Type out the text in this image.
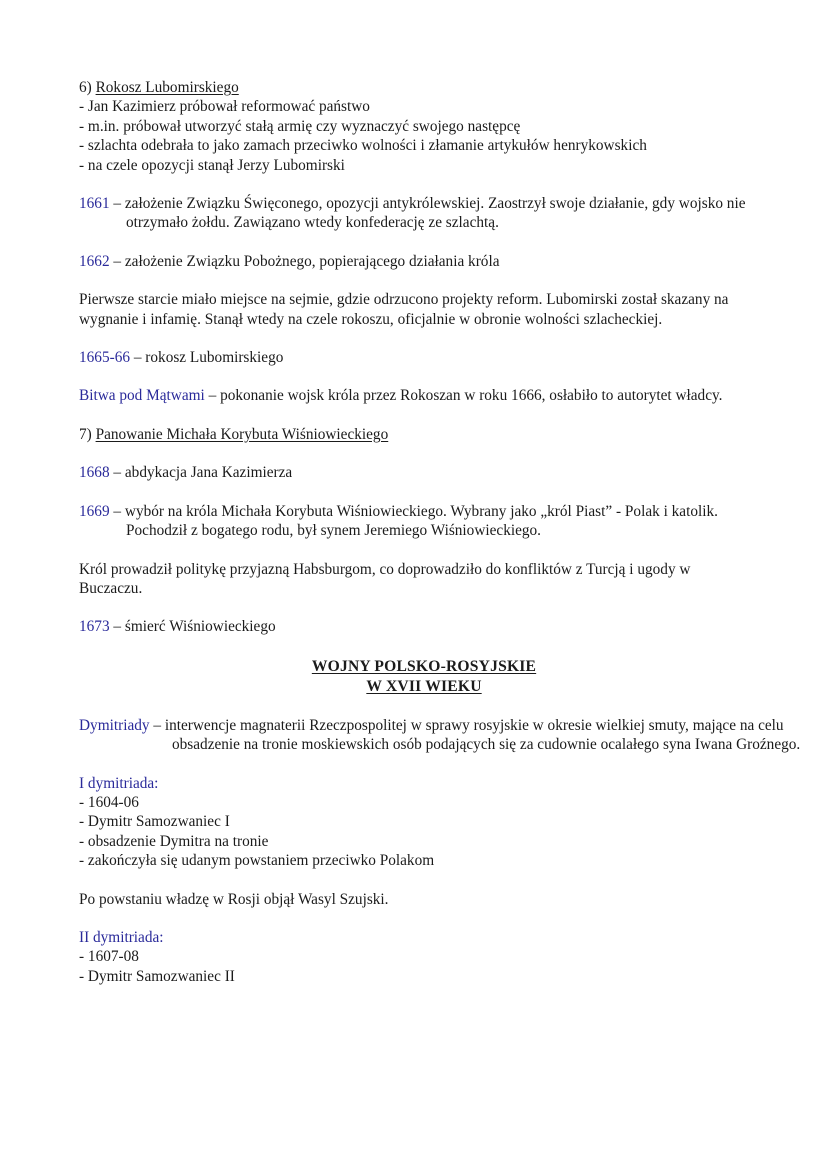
6) Rokosz Lubomirskiego
- Jan Kazimierz próbował reformować państwo
- m.in. próbował utworzyć stałą armię czy wyznaczyć swojego następcę
- szlachta odebrała to jako zamach przeciwko wolności i złamanie artykułów henrykowskich
- na czele opozycji stanął Jerzy Lubomirski

1661 – założenie Związku Święconego, opozycji antykrólewskiej. Zaostrzył swoje działanie, gdy wojsko nie otrzymało żołdu. Zawiązano wtedy konfederację ze szlachtą.

1662 – założenie Związku Pobożnego, popierającego działania króla

Pierwsze starcie miało miejsce na sejmie, gdzie odrzucono projekty reform. Lubomirski został skazany na wygnanie i infamię. Stanął wtedy na czele rokoszu, oficjalnie w obronie wolności szlacheckiej.

1665-66 – rokosz Lubomirskiego

Bitwa pod Mątwami – pokonanie wojsk króla przez Rokoszan w roku 1666, osłabiło to autorytet władcy.

7) Panowanie Michała Korybuta Wiśniowieckiego

1668 – abdykacja Jana Kazimierza

1669 – wybór na króla Michała Korybuta Wiśniowieckiego. Wybrany jako „król Piast” - Polak i katolik. Pochodził z bogatego rodu, był synem Jeremiego Wiśniowieckiego.

Król prowadził politykę przyjazną Habsburgom, co doprowadziło do konfliktów z Turcją i ugody w Buczaczu.

1673 – śmierć Wiśniowieckiego

WOJNY POLSKO-ROSYJSKIE
W XVII WIEKU

Dymitriady – interwencje magnaterii Rzeczpospolitej w sprawy rosyjskie w okresie wielkiej smuty, mające na celu obsadzenie na tronie moskiewskich osób podających się za cudownie ocalałego syna Iwana Groźnego.

I dymitriada:
- 1604-06
- Dymitr Samozwaniec I
- obsadzenie Dymitra na tronie
- zakończyła się udanym powstaniem przeciwko Polakom

Po powstaniu władzę w Rosji objął Wasyl Szujski.

II dymitriada:
- 1607-08
- Dymitr Samozwaniec II
